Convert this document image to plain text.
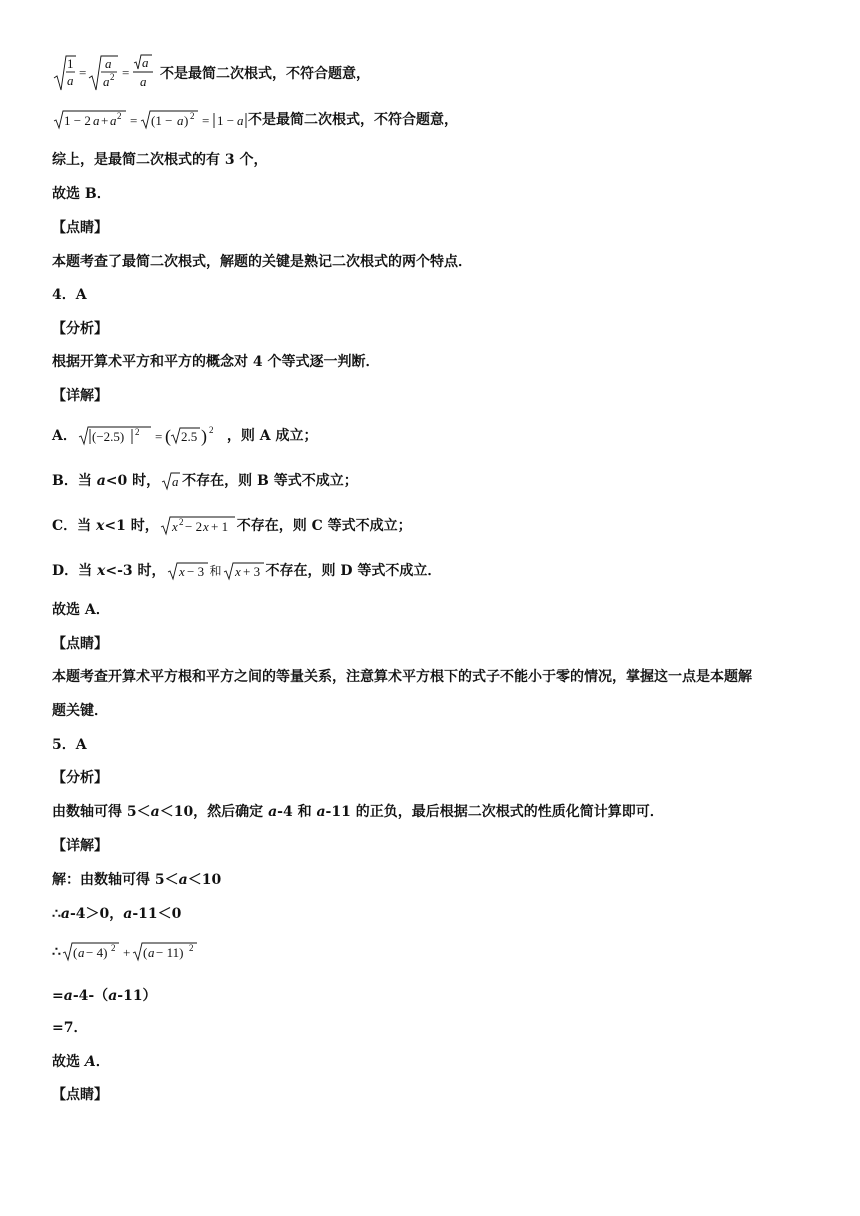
1
a
=
a
a 2 =
a
a 不是最简二次根式，不符合题意，
1 − 2 a + a 2 = (1 − a ) 2 = 1 − a 不是最简二次根式，不符合题意，
综上，是最简二次根式的有 3 个，
故选 B．
【点睛】
本题考查了最简二次根式，解题的关键是熟记二次根式的两个特点．
4．A
【分析】
根据开算术平方和平方的概念对 4 个等式逐一判断．
【详解】
A． (−2.5) 2 = ( 2.5 ) 2 ，则 A 成立；
B．当 a<0 时， a 不存在，则 B 等式不成立；
C．当 x<1 时， x 2 − 2 x + 1 不存在，则 C 等式不成立；
D．当 x<-3 时， x − 3 和 x + 3 不存在，则 D 等式不成立．
故选 A．
【点睛】
本题考查开算术平方根和平方之间的等量关系，注意算术平方根下的式子不能小于零的情况，掌握这一点是本题解
题关键．
5．A
【分析】
由数轴可得 5＜a＜10，然后确定 a-4 和 a-11 的正负，最后根据二次根式的性质化简计算即可．
【详解】
解：由数轴可得 5＜a＜10
∴a-4＞0，a-11＜0
∴ ( a − 4) 2 + ( a − 11) 2
=a-4-（a-11）
=7．
故选 A．
【点睛】
